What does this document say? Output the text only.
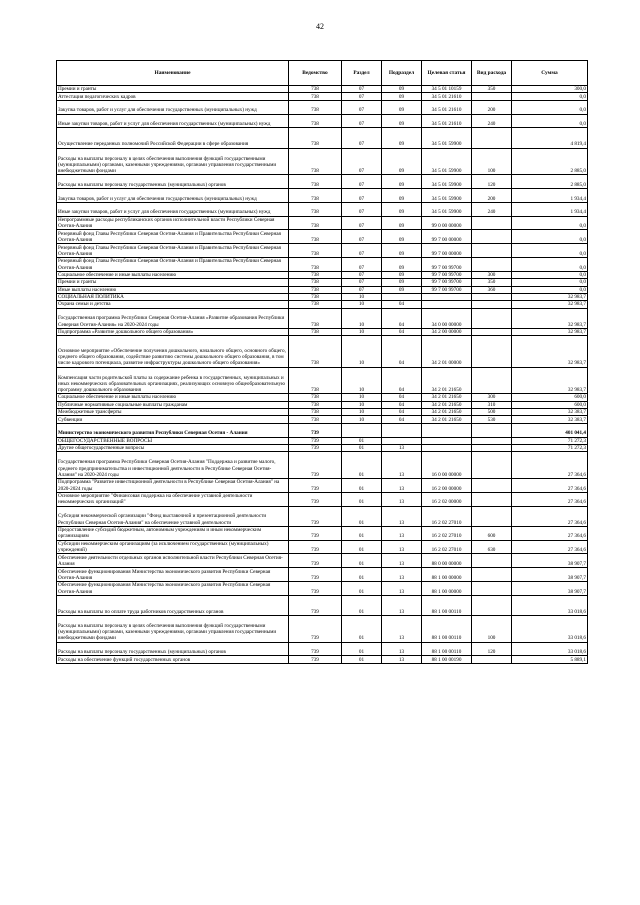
42
Наименование	Ведомство	Раздел	Подраздел	Целевая статья	Вид расхода	Сумма
Премии и гранты	738	07	09	34 5 01 10159	350	300,0
Аттестация педагогических кадров	738	07	09	34 5 01 21610		0,0
Закупка товаров, работ и услуг для обеспечения государственных (муниципальных) нужд	738	07	09	34 5 01 21610	200	0,0
Иные закупки товаров, работ и услуг для обеспечения государственных (муниципальных) нужд	738	07	09	34 5 01 21610	240	0,0
Осуществление переданных полномочий Российской Федерации в сфере образования	738	07	09	34 5 01 59900		4 819,4
Расходы на выплаты персоналу в целях обеспечения выполнения функций государственными (муниципальными) органами, казенными учреждениями, органами управления государственными внебюджетными фондами	738	07	09	34 5 01 59900	100	2 885,0
Расходы на выплаты персоналу государственных (муниципальных) органов	738	07	09	34 5 01 59900	120	2 885,0
Закупка товаров, работ и услуг для обеспечения государственных (муниципальных) нужд	738	07	09	34 5 01 59900	200	1 934,4
Иные закупки товаров, работ и услуг для обеспечения государственных (муниципальных) нужд	738	07	09	34 5 01 59900	240	1 934,4
Непрограммные расходы республиканских органов исполнительной власти Республики Северная Осетия-Алания	738	07	09	99 0 00 00000		0,0
Резервный фонд Главы Республики Северная Осетия-Алания и Правительства Республики Северная Осетия-Алания	738	07	09	99 7 00 00000		0,0
Резервный фонд Главы Республики Северная Осетия-Алания и Правительства Республики Северная Осетия-Алания	738	07	09	99 7 00 00000		0,0
Резервный фонд Главы Республики Северная Осетия-Алания и Правительства Республики Северная Осетия-Алания	738	07	09	99 7 00 99700		0,0
Социальное обеспечение и иные выплаты населению	738	07	09	99 7 00 99700	300	0,0
Премии и гранты	738	07	09	99 7 00 99700	350	0,0
Иные выплаты населению	738	07	09	99 7 00 99700	360	0,0
СОЦИАЛЬНАЯ ПОЛИТИКА	738	10				32 983,7
Охрана семьи и детства	738	10	04			32 983,7
Государственная программа Республики Северная Осетия-Алания «Развитие образования Республики Северная Осетия-Алания» на 2020-2024 годы	738	10	04	34 0 00 00000		32 983,7
Подпрограмма «Развитие дошкольного общего образования»	738	10	04	34 2 00 00000		32 983,7
Основное мероприятие «Обеспечение получения дошкольного, начального общего, основного общего, среднего общего образования, содействие развитию системы дошкольного общего образования, в том числе кадрового потенциала, развитие инфраструктуры дошкольного общего образования»	738	10	04	34 2 01 00000		32 983,7
Компенсация части родительской платы за содержание ребенка в государственных, муниципальных и иных некоммерческих образовательных организациях, реализующих основную общеобразовательную программу дошкольного образования	738	10	04	34 2 01 21650		32 983,7
Социальное обеспечение и иные выплаты населению	738	10	04	34 2 01 21650	300	600,0
Публичные нормативные социальные выплаты гражданам	738	10	04	34 2 01 21650	310	600,0
Межбюджетные трансферты	738	10	04	34 2 01 21650	500	32 383,7
Субвенции	738	10	04	34 2 01 21650	530	32 383,7
Министерство экономического развития Республики Северная Осетия - Алания	739					401 041,4
ОБЩЕГОСУДАРСТВЕННЫЕ ВОПРОСЫ	739	01				71 272,3
Другие общегосударственные вопросы	739	01	13			71 272,3
Государственная программа Республики Северная Осетия-Алания "Поддержка и развитие малого, среднего предпринимательства и инвестиционной деятельности в Республике Северная Осетия-Алания" на 2020-2024 годы	739	01	13	16 0 00 00000		27 364,6
Подпрограмма "Развитие инвестиционной деятельности в Республике Северная Осетия-Алания" на 2020-2024 годы	739	01	13	16 2 00 00000		27 364,6
Основное мероприятие "Финансовая поддержка на обеспечение уставной деятельности некоммерческих организаций"	739	01	13	16 2 02 00000		27 364,6
Субсидия некоммерческой организации "Фонд выставочной и презентационной деятельности Республики Северная Осетия-Алания" на обеспечение уставной деятельности	739	01	13	16 2 02 27010		27 364,6
Предоставление субсидий бюджетным, автономным учреждениям и иным некоммерческим организациям	739	01	13	16 2 02 27010	600	27 364,6
Субсидии некоммерческим организациям (за исключением государственных (муниципальных) учреждений)	739	01	13	16 2 02 27010	630	27 364,6
Обеспечение деятельности отдельных органов исполнительной власти Республики Северная Осетия-Алания	739	01	13	88 0 00 00000		38 907,7
Обеспечение функционирования Министерства экономического развития Республики Северная Осетия-Алания	739	01	13	88 1 00 00000		38 907,7
Обеспечение функционирования Министерства экономического развития Республики Северная Осетия-Алания	739	01	13	88 1 00 00000		38 907,7
Расходы на выплаты по оплате труда работников государственных органов	739	01	13	88 1 00 00110		33 018,6
Расходы на выплаты персоналу в целях обеспечения выполнения функций государственными (муниципальными) органами, казенными учреждениями, органами управления государственными внебюджетными фондами	739	01	13	88 1 00 00110	100	33 018,6
Расходы на выплаты персоналу государственных (муниципальных) органов	739	01	13	88 1 00 00110	120	33 018,6
Расходы на обеспечение функций государственных органов	739	01	13	88 1 00 00190		5 889,1
